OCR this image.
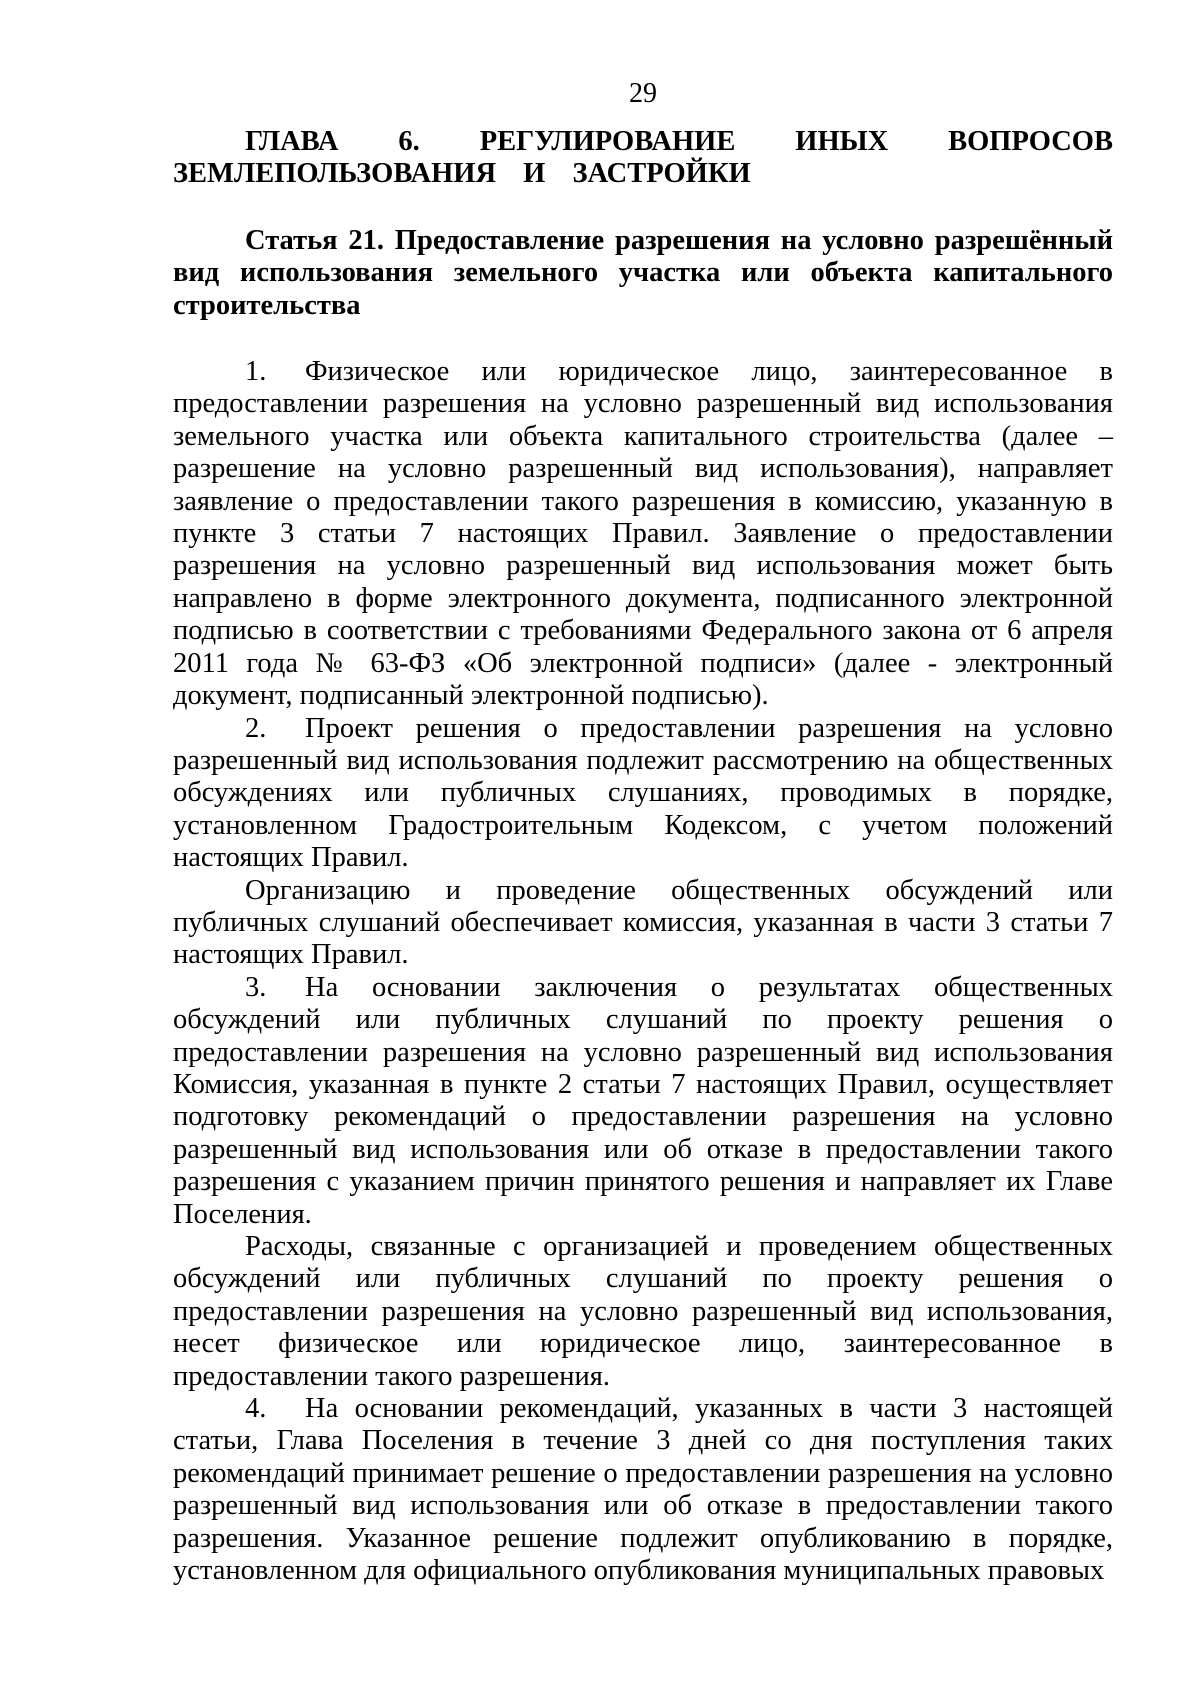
29
ГЛАВА 6. РЕГУЛИРОВАНИЕ ИНЫХ ВОПРОСОВ ЗЕМЛЕПОЛЬЗОВАНИЯ И ЗАСТРОЙКИ
Статья 21. Предоставление разрешения на условно разрешённый вид использования земельного участка или объекта капитального строительства

1. Физическое или юридическое лицо, заинтересованное в предоставлении разрешения на условно разрешенный вид использования земельного участка или объекта капитального строительства (далее – разрешение на условно разрешенный вид использования), направляет заявление о предоставлении такого разрешения в комиссию, указанную в пункте 3 статьи 7 настоящих Правил. Заявление о предоставлении разрешения на условно разрешенный вид использования может быть направлено в форме электронного документа, подписанного электронной подписью в соответствии с требованиями Федерального закона от 6 апреля 2011 года № 63-ФЗ «Об электронной подписи» (далее - электронный документ, подписанный электронной подписью).

2. Проект решения о предоставлении разрешения на условно разрешенный вид использования подлежит рассмотрению на общественных обсуждениях или публичных слушаниях, проводимых в порядке, установленном Градостроительным Кодексом, с учетом положений настоящих Правил.

Организацию и проведение общественных обсуждений или публичных слушаний обеспечивает комиссия, указанная в части 3 статьи 7 настоящих Правил.

3. На основании заключения о результатах общественных обсуждений или публичных слушаний по проекту решения о предоставлении разрешения на условно разрешенный вид использования Комиссия, указанная в пункте 2 статьи 7 настоящих Правил, осуществляет подготовку рекомендаций о предоставлении разрешения на условно разрешенный вид использования или об отказе в предоставлении такого разрешения с указанием причин принятого решения и направляет их Главе Поселения.

Расходы, связанные с организацией и проведением общественных обсуждений или публичных слушаний по проекту решения о предоставлении разрешения на условно разрешенный вид использования, несет физическое или юридическое лицо, заинтересованное в предоставлении такого разрешения.

4. На основании рекомендаций, указанных в части 3 настоящей статьи, Глава Поселения в течение 3 дней со дня поступления таких рекомендаций принимает решение о предоставлении разрешения на условно разрешенный вид использования или об отказе в предоставлении такого разрешения. Указанное решение подлежит опубликованию в порядке, установленном для официального опубликования муниципальных правовых
